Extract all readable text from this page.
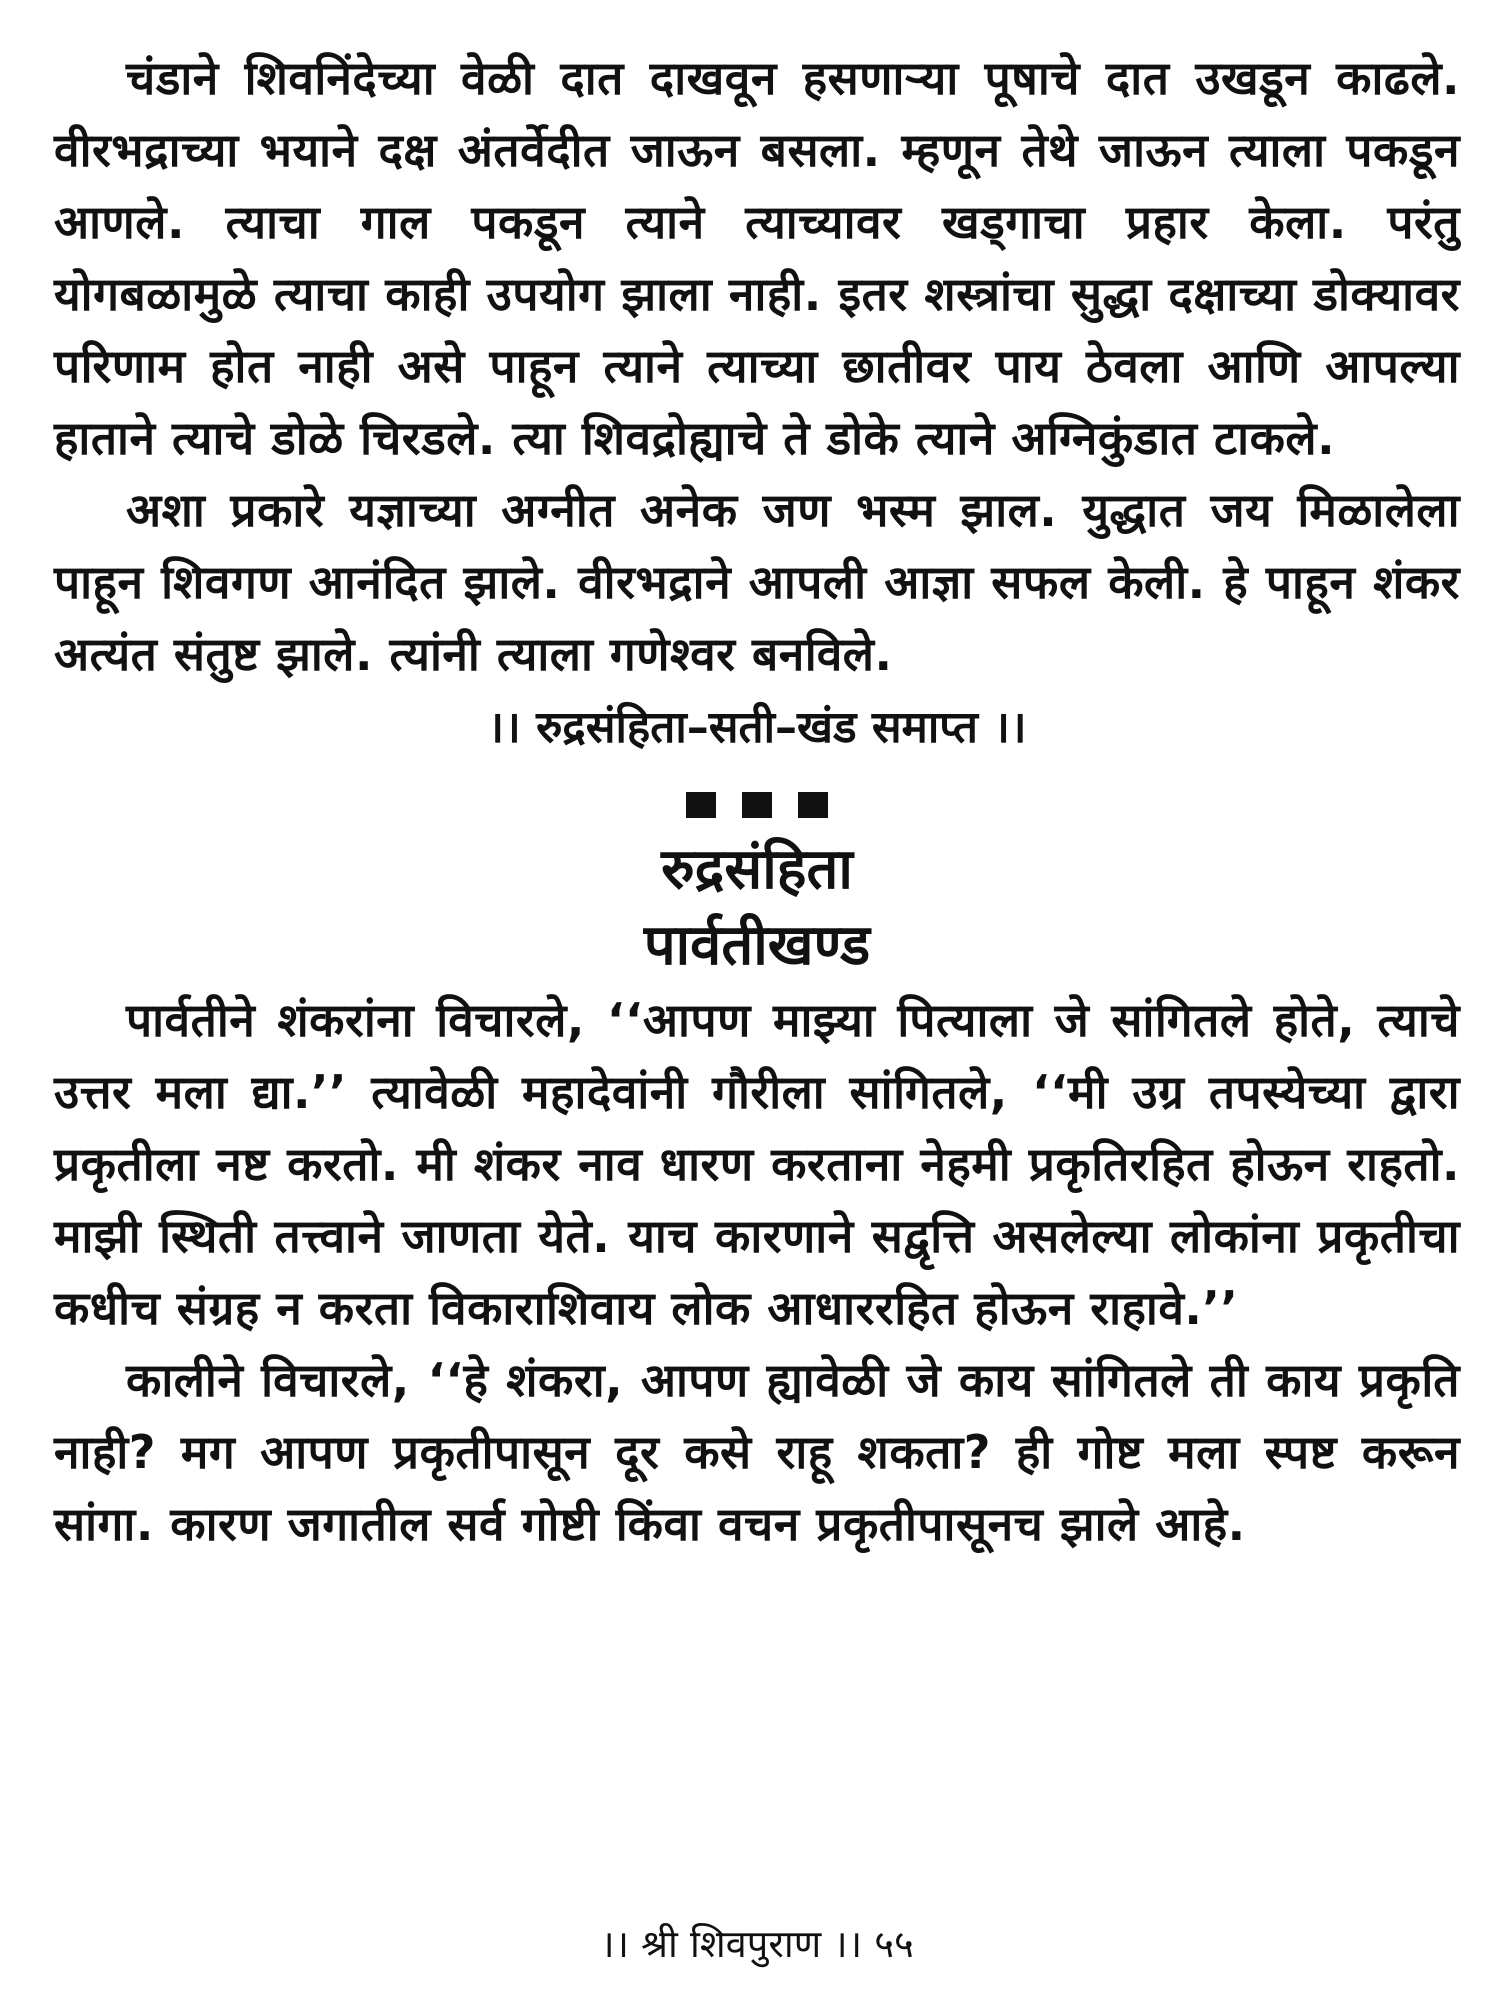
चंडाने शिवनिंदेच्या वेळी दात दाखवून हसणाऱ्या पूषाचे दात उखडून काढले. वीरभद्राच्या भयाने दक्ष अंतर्वेदीत जाऊन बसला. म्हणून तेथे जाऊन त्याला पकडून आणले. त्याचा गाल पकडून त्याने त्याच्यावर खड्गाचा प्रहार केला. परंतु योगबळामुळे त्याचा काही उपयोग झाला नाही. इतर शस्त्रांचा सुद्धा दक्षाच्या डोक्यावर परिणाम होत नाही असे पाहून त्याने त्याच्या छातीवर पाय ठेवला आणि आपल्या हाताने त्याचे डोळे चिरडले. त्या शिवद्रोह्याचे ते डोके त्याने अग्निकुंडात टाकले.

अशा प्रकारे यज्ञाच्या अग्नीत अनेक जण भस्म झाल. युद्धात जय मिळालेला पाहून शिवगण आनंदित झाले. वीरभद्राने आपली आज्ञा सफल केली. हे पाहून शंकर अत्यंत संतुष्ट झाले. त्यांनी त्याला गणेश्वर बनविले.

।। रुद्रसंहिता–सती–खंड समाप्त ।।

रुद्रसंहिता
पार्वतीखण्ड

पार्वतीने शंकरांना विचारले, ‘‘आपण माझ्या पित्याला जे सांगितले होते, त्याचे उत्तर मला द्या.’’ त्यावेळी महादेवांनी गौरीला सांगितले, ‘‘मी उग्र तपस्येच्या द्वारा प्रकृतीला नष्ट करतो. मी शंकर नाव धारण करताना नेहमी प्रकृतिरहित होऊन राहतो. माझी स्थिती तत्त्वाने जाणता येते. याच कारणाने सद्वृत्ति असलेल्या लोकांना प्रकृतीचा कधीच संग्रह न करता विकाराशिवाय लोक आधाररहित होऊन राहावे.’’

कालीने विचारले, ‘‘हे शंकरा, आपण ह्यावेळी जे काय सांगितले ती काय प्रकृति नाही? मग आपण प्रकृतीपासून दूर कसे राहू शकता? ही गोष्ट मला स्पष्ट करून सांगा. कारण जगातील सर्व गोष्टी किंवा वचन प्रकृतीपासूनच झाले आहे.

।। श्री शिवपुराण ।। ५५
